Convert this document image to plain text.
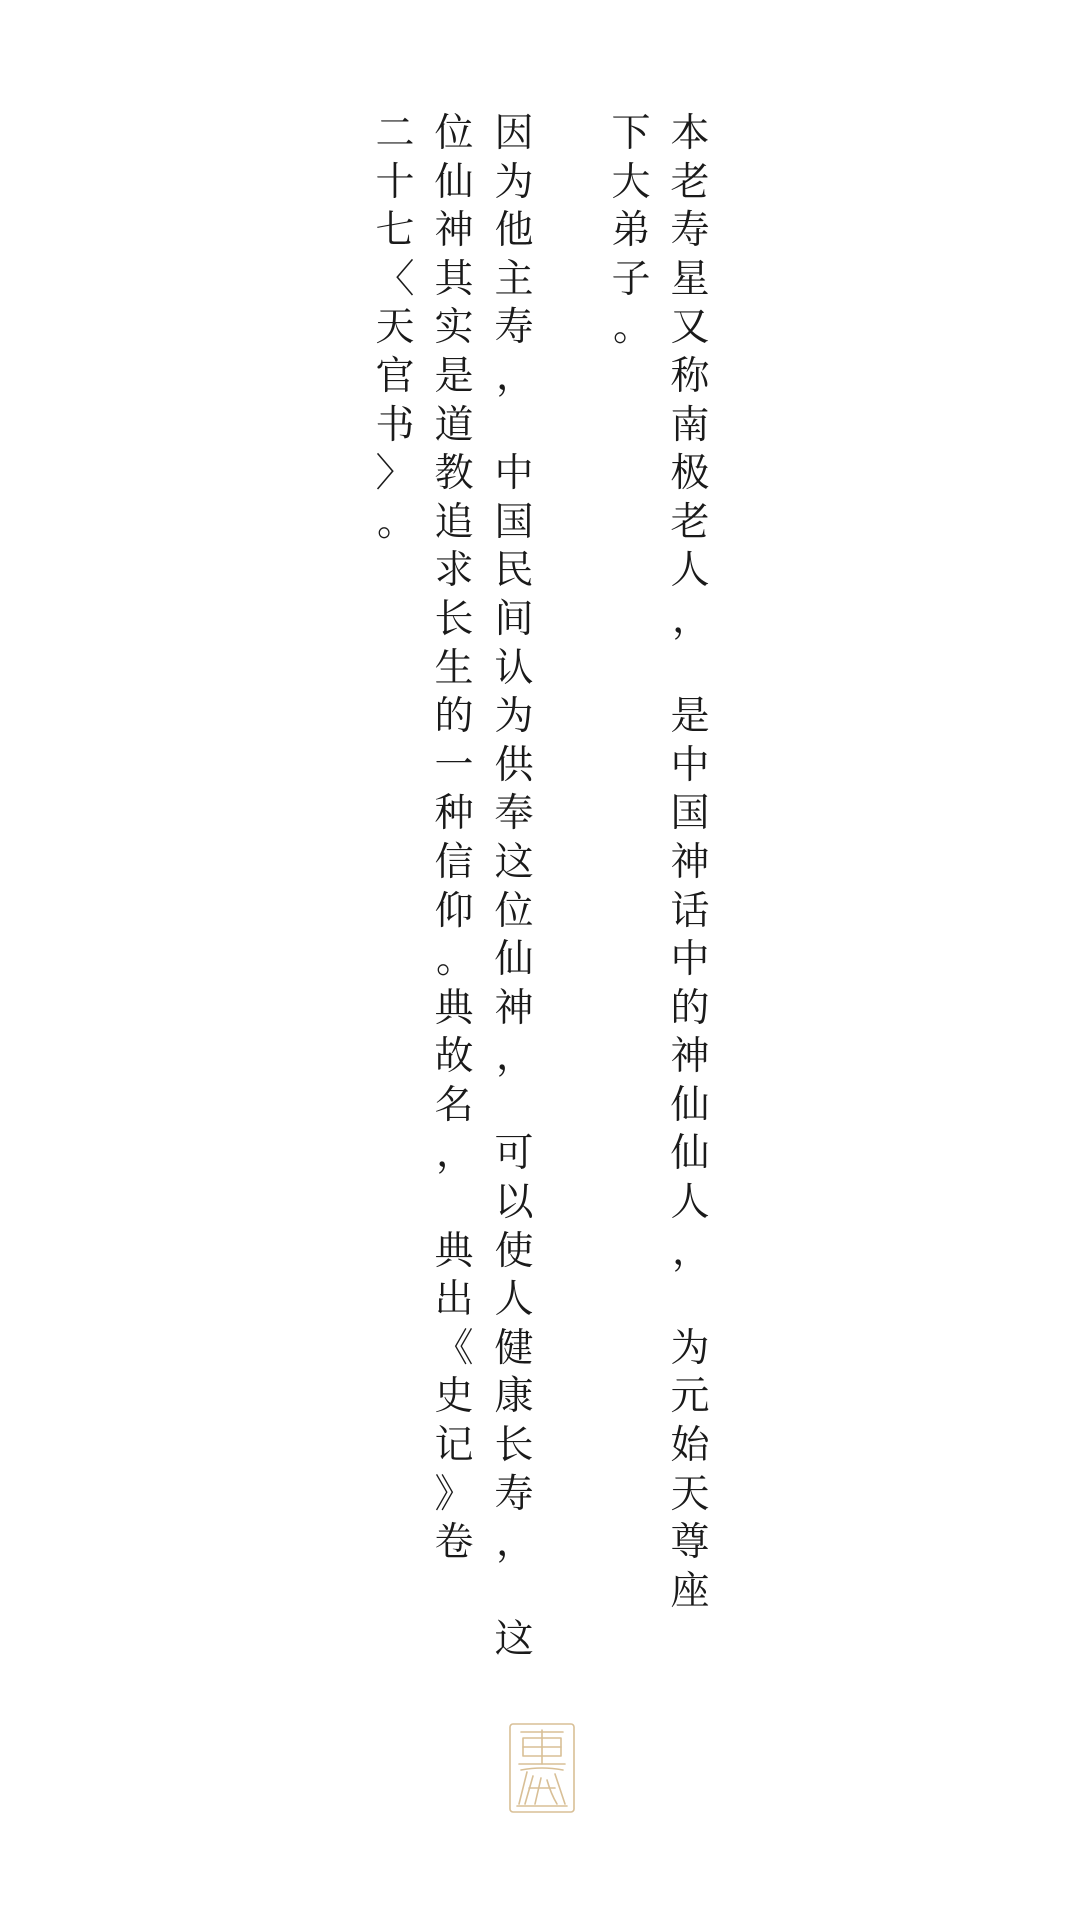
本
老
寿
星
又
称
南
极
老
人
，

是
中
国
神
话
中
的
神
仙
仙
人
，

为
元
始
天
尊
座
下
大
弟
子
。
因
为
他
主
寿
，

中
国
民
间
认
为
供
奉
这
位
仙
神
，

可
以
使
人
健
康
长
寿
，

这
位
仙
神
其
实
是
道
教
追
求
长
生
的
一
种
信
仰
。
典
故
名
，

典
出
《
史
记
》
卷
二
十
七
〈
天
官
书
〉
。
